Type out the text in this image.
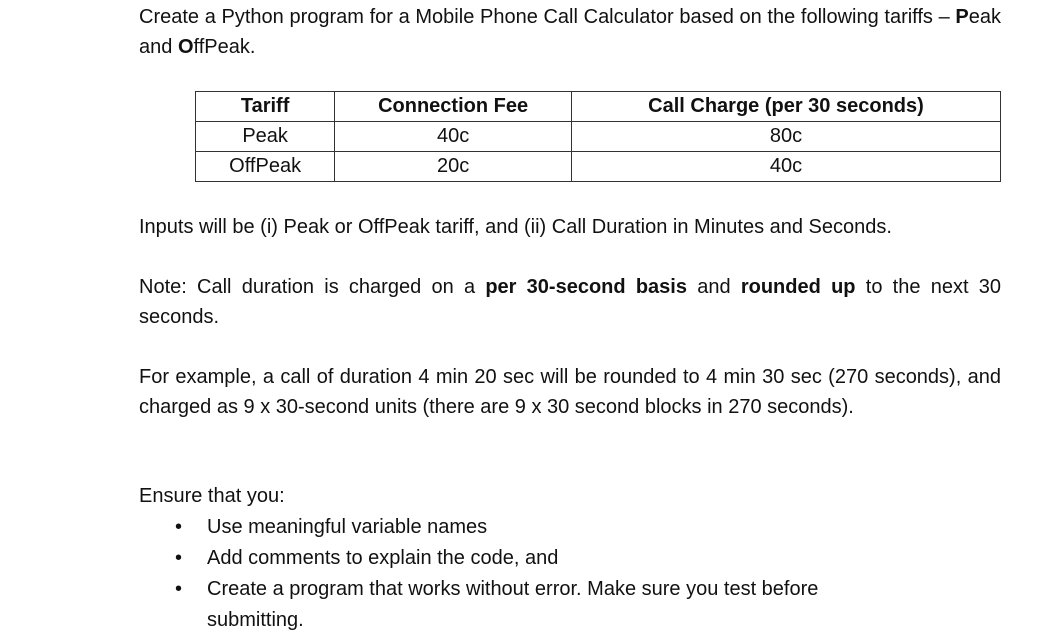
Create a Python program for a Mobile Phone Call Calculator based on the following tariffs – Peak and OffPeak.

Tariff	Connection Fee	Call Charge (per 30 seconds)
Peak	40c	80c
OffPeak	20c	40c

Inputs will be (i) Peak or OffPeak tariff, and (ii) Call Duration in Minutes and Seconds.

Note: Call duration is charged on a per 30-second basis and rounded up to the next 30 seconds.

For example, a call of duration 4 min 20 sec will be rounded to 4 min 30 sec (270 seconds), and charged as 9 x 30-second units (there are 9 x 30 second blocks in 270 seconds).

Ensure that you:

• Use meaningful variable names
• Add comments to explain the code, and
• Create a program that works without error. Make sure you test before submitting.
